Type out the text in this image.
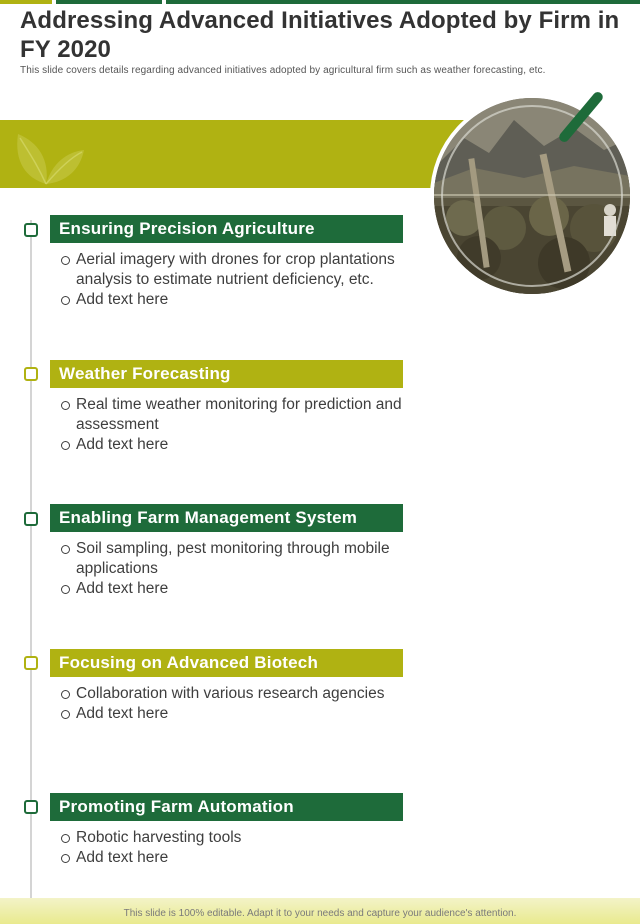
Addressing Advanced Initiatives Adopted by Firm in FY 2020
This slide covers details regarding advanced initiatives adopted by agricultural firm such as weather forecasting, etc.
Ensuring Precision Agriculture
Aerial imagery with drones for crop plantations analysis to estimate nutrient deficiency, etc.
Add text here
Weather Forecasting
Real time weather monitoring for prediction and assessment
Add text here
Enabling Farm Management System
Soil sampling, pest monitoring through mobile applications
Add text here
Focusing on Advanced Biotech
Collaboration with various research agencies
Add text here
Promoting Farm Automation
Robotic harvesting tools
Add text here
This slide is 100% editable. Adapt it to your needs and capture your audience's attention.
